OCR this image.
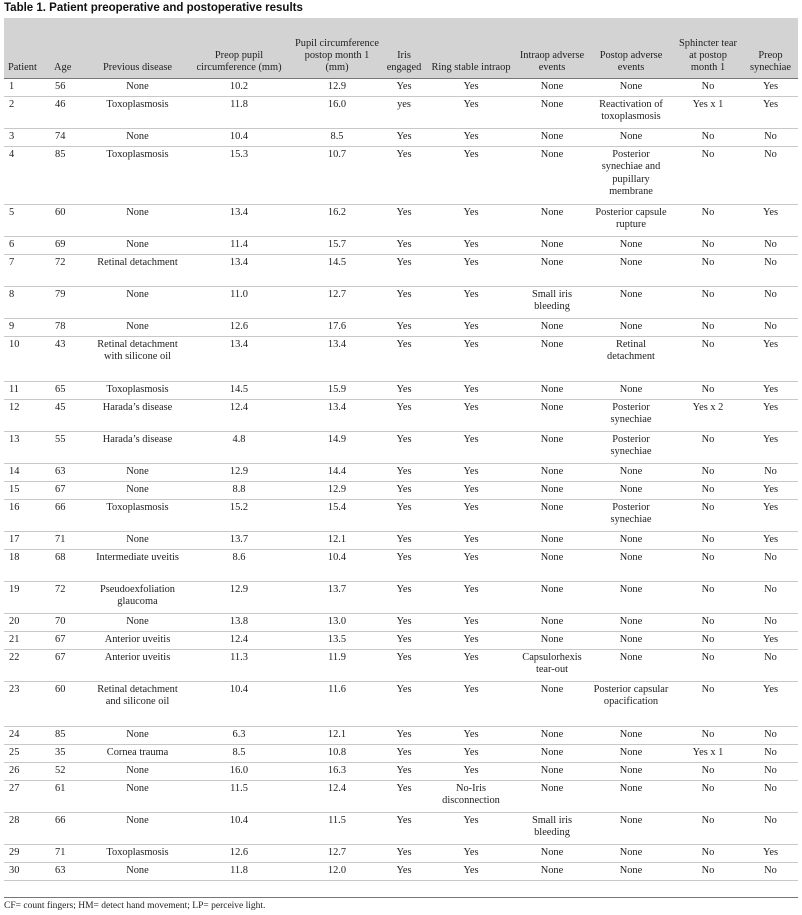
Table 1. Patient preoperative and postoperative results
Patient	Age	Previous disease	Preop pupil circumference (mm)	Pupil circumference postop month 1 (mm)	Iris engaged	Ring stable intraop	Intraop adverse events	Postop adverse events	Sphincter tear at postop month 1	Preop synechiae
1	56	None	10.2	12.9	Yes	Yes	None	None	No	Yes
2	46	Toxoplasmosis	11.8	16.0	yes	Yes	None	Reactivation of toxoplasmosis	Yes x 1	Yes
3	74	None	10.4	8.5	Yes	Yes	None	None	No	No
4	85	Toxoplasmosis	15.3	10.7	Yes	Yes	None	Posterior synechiae and pupillary membrane	No	No
5	60	None	13.4	16.2	Yes	Yes	None	Posterior capsule rupture	No	Yes
6	69	None	11.4	15.7	Yes	Yes	None	None	No	No
7	72	Retinal detachment	13.4	14.5	Yes	Yes	None	None	No	No
8	79	None	11.0	12.7	Yes	Yes	Small iris bleeding	None	No	No
9	78	None	12.6	17.6	Yes	Yes	None	None	No	No
10	43	Retinal detachment with silicone oil	13.4	13.4	Yes	Yes	None	Retinal detachment	No	Yes
11	65	Toxoplasmosis	14.5	15.9	Yes	Yes	None	None	No	Yes
12	45	Harada’s disease	12.4	13.4	Yes	Yes	None	Posterior synechiae	Yes x 2	Yes
13	55	Harada’s disease	4.8	14.9	Yes	Yes	None	Posterior synechiae	No	Yes
14	63	None	12.9	14.4	Yes	Yes	None	None	No	No
15	67	None	8.8	12.9	Yes	Yes	None	None	No	Yes
16	66	Toxoplasmosis	15.2	15.4	Yes	Yes	None	Posterior synechiae	No	Yes
17	71	None	13.7	12.1	Yes	Yes	None	None	No	Yes
18	68	Intermediate uveitis	8.6	10.4	Yes	Yes	None	None	No	No
19	72	Pseudoexfoliation glaucoma	12.9	13.7	Yes	Yes	None	None	No	No
20	70	None	13.8	13.0	Yes	Yes	None	None	No	No
21	67	Anterior uveitis	12.4	13.5	Yes	Yes	None	None	No	Yes
22	67	Anterior uveitis	11.3	11.9	Yes	Yes	Capsulorhexis tear-out	None	No	No
23	60	Retinal detachment and silicone oil	10.4	11.6	Yes	Yes	None	Posterior capsular opacification	No	Yes
24	85	None	6.3	12.1	Yes	Yes	None	None	No	No
25	35	Cornea trauma	8.5	10.8	Yes	Yes	None	None	Yes x 1	No
26	52	None	16.0	16.3	Yes	Yes	None	None	No	No
27	61	None	11.5	12.4	Yes	No-Iris disconnection	None	None	No	No
28	66	None	10.4	11.5	Yes	Yes	Small iris bleeding	None	No	No
29	71	Toxoplasmosis	12.6	12.7	Yes	Yes	None	None	No	Yes
30	63	None	11.8	12.0	Yes	Yes	None	None	No	No
CF= count fingers; HM= detect hand movement; LP= perceive light.
